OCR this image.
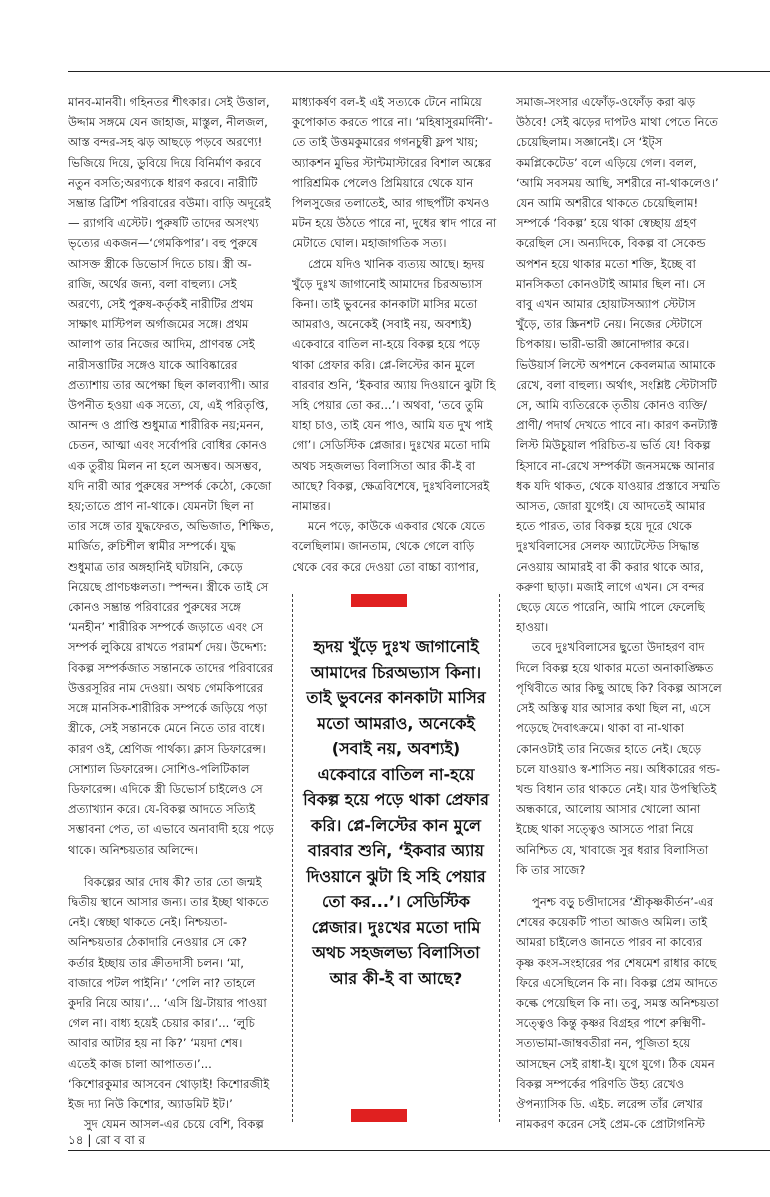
মানব-মানবী। গহিনতর শীৎকার। সেই উত্তাল, উদ্দাম সঙ্গমে যেন জাহাজ, মাস্তুল, নীলজল, আস্ত বন্দর-সহ ঝড় আছড়ে পড়বে অরণ্যে! ভিজিয়ে দিয়ে, ডুবিয়ে দিয়ে বিনির্মাণ করবে নতুন বসতি;অরণ্যকে ধারণ করবে। নারীটি সম্ভ্রান্ত ব্রিটিশ পরিবারের বউমা। বাড়ি অদূরেই— র‍্যাগবি এস্টেট। পুরুষটি তাদের অসংখ্য ভৃত্যের একজন—‘গেমকিপার’। বহু পুরুষে আসক্ত স্ত্রীকে ডিভোর্স দিতে চায়। স্ত্রী অ-রাজি, অর্থের জন্য, বলা বাহুল্য। সেই অরণ্যে, সেই পুরুষ-কর্তৃকই নারীটির প্রথম সাক্ষাৎ মাস্টিপল অর্গাজমের সঙ্গে। প্রথম আলাপ তার নিজের আদিম, প্রাণবন্ত সেই নারীসত্তাটির সঙ্গেও যাকে আবিষ্কারের প্রত্যাশায় তার অপেক্ষা ছিল কালব্যাপী। আর উপনীত হওয়া এক সত্যে, যে, এই পরিতৃপ্তি, আনন্দ ও প্রাপ্তি শুধুমাত্র শারীরিক নয়;মনন, চেতন, আত্মা এবং সর্বোপরি বোধির কোনও এক তুরীয় মিলন না হলে অসম্ভব। অসম্ভব, যদি নারী আর পুরুষের সম্পর্ক কেঠো, কেজো হয়;তাতে প্রাণ না-থাকে। যেমনটা ছিল না তার সঙ্গে তার যুদ্ধফেরত, অভিজাত, শিক্ষিত, মার্জিত, রুচিশীল স্বামীর সম্পর্কে। যুদ্ধ শুধুমাত্র তার অঙ্গহানিই ঘটায়নি, কেড়ে নিয়েছে প্রাণচঞ্চলতা। স্পন্দন। স্ত্রীকে তাই সে কোনও সম্ভ্রান্ত পরিবারের পুরুষের সঙ্গে ‘মনহীন’ শারীরিক সম্পর্কে জড়াতে এবং সে সম্পর্ক লুকিয়ে রাখতে পরামর্শ দেয়। উদ্দেশ্য: বিকল্প সম্পর্কজাত সন্তানকে তাদের পরিবারের উত্তরসূরির নাম দেওয়া। অথচ গেমকিপারের সঙ্গে মানসিক-শারীরিক সম্পর্কে জড়িয়ে পড়া স্ত্রীকে, সেই সন্তানকে মেনে নিতে তার বাধে। কারণ ওই, শ্রেণিজ পার্থক্য। ক্লাস ডিফারেন্স। সোশ্যাল ডিফারেন্স। সোশিও-পলিটিকাল ডিফারেন্স। এদিকে স্ত্রী ডিভোর্স চাইলেও সে প্রত্যাখ্যান করে। যে-বিকল্প আদতে সত্যিই সম্ভাবনা পেত, তা এভাবে অনাবাদী হয়ে পড়ে থাকে। অনিশ্চয়তার অলিন্দে।

বিকল্পের আর দোষ কী? তার তো জন্মই দ্বিতীয় স্থানে আসার জন্য। তার ইচ্ছা থাকতে নেই। স্বেচ্ছা থাকতে নেই। নিশ্চয়তা-অনিশ্চয়তার ঠেকাদারি নেওয়ার সে কে? কর্তার ইচ্ছায় তার ক্রীতদাসী চলন। ‘মা, বাজারে পটল পাইনি।’ ‘পেলি না? তাহলে কুদরি নিয়ে আয়।’... ‘এসি থ্রি-টায়ার পাওয়া গেল না। বাধ্য হয়েই চেয়ার কার।’... ‘লুচি আবার আটার হয় না কি?’ ‘ময়দা শেষ। এতেই কাজ চালা আপাতত।’... ‘কিশোরকুমার আসবেন থোড়াই! কিশোরজীই ইজ দ্যা নিউ কিশোর, অ্যাডমিট ইট।’

সুদ যেমন আসল-এর চেয়ে বেশি, বিকল্প

মাধ্যাকর্ষণ বল-ই এই সত্যকে টেনে নামিয়ে কুপোকাত করতে পারে না। ‘মহিষাসুরমর্দিনী’-তে তাই উত্তমকুমারের গগনচুম্বী ফ্লপ খায়; অ্যাকশন মুভির স্টান্টমাস্টারের বিশাল অঙ্কের পারিশ্রমিক পেলেও প্রিমিয়ারে থেকে যান পিলসুজের তলাতেই, আর গাছপাঁটা কখনও মটন হয়ে উঠতে পারে না, দুধের স্বাদ পারে না মেটাতে ঘোল। মহাজাগতিক সত্য।

প্রেমে যদিও খানিক ব্যত্যয় আছে। হৃদয় খুঁড়ে দুঃখ জাগানোই আমাদের চিরঅভ্যাস কিনা। তাই ভুবনের কানকাটা মাসির মতো আমরাও, অনেকেই (সবাই নয়, অবশ্যই) একেবারে বাতিল না-হয়ে বিকল্প হয়ে পড়ে থাকা প্রেফার করি। প্লে-লিস্টের কান মুলে বারবার শুনি, ‘ইকবার অ্যায় দিওয়ানে ঝুটা হি সহি পেয়ার তো কর...’। অথবা, ‘তবে তুমি যাহা চাও, তাই যেন পাও, আমি যত দুখ পাই গো’। সেডিস্টিক প্লেজার। দুঃখের মতো দামি অথচ সহজলভ্য বিলাসিতা আর কী-ই বা আছে? বিকল্প, ক্ষেত্রবিশেষে, দুঃখবিলাসেরই নামান্তর।

মনে পড়ে, কাউকে একবার থেকে যেতে বলেছিলাম। জানতাম, থেকে গেলে বাড়ি থেকে বের করে দেওয়া তো বাচ্চা ব্যাপার,

হৃদয় খুঁড়ে দুঃখ জাগানোই আমাদের চিরঅভ্যাস কিনা। তাই ভুবনের কানকাটা মাসির মতো আমরাও, অনেকেই (সবাই নয়, অবশ্যই) একেবারে বাতিল না-হয়ে বিকল্প হয়ে পড়ে থাকা প্রেফার করি। প্লে-লিস্টের কান মুলে বারবার শুনি, ‘ইকবার অ্যায় দিওয়ানে ঝুটা হি সহি পেয়ার তো কর...’। সেডিস্টিক প্লেজার। দুঃখের মতো দামি অথচ সহজলভ্য বিলাসিতা আর কী-ই বা আছে?

সমাজ-সংসার এফোঁড়-ওফোঁড় করা ঝড় উঠবে! সেই ঝড়ের দাপটও মাথা পেতে নিতে চেয়েছিলাম। সজ্ঞানেই। সে ‘ইট্স কমপ্লিকেটেড’ বলে এড়িয়ে গেল। বলল, ‘আমি সবসময় আছি, সশরীরে না-থাকলেও।’ যেন আমি অশরীরে থাকতে চেয়েছিলাম! সম্পর্কে ‘বিকল্প’ হয়ে থাকা স্বেচ্ছায় গ্রহণ করেছিল সে। অন্যদিকে, বিকল্প বা সেকেন্ড অপশন হয়ে থাকার মতো শক্তি, ইচ্ছে বা মানসিকতা কোনওটাই আমার ছিল না। সে বাবু এখন আমার হোয়াটসঅ্যাপ স্টেটাস খুঁড়ে, তার স্ক্রিনশট নেয়। নিজের স্টেটাসে চিপকায়। ভারী-ভারী জ্ঞানোদ্গার করে। ভিউয়ার্স লিস্টে অপশনে কেবলমাত্র আমাকে রেখে, বলা বাহুল্য। অর্থাৎ, সংশ্লিষ্ট স্টেটাসটি সে, আমি ব্যতিরেকে তৃতীয় কোনও ব্যক্তি/ প্রাণী/ পদার্থ দেখতে পাবে না। কারণ কনট্যাক্ট লিস্ট মিউচুয়াল পরিচিত-য় ভর্তি যে! বিকল্প হিসাবে না-রেখে সম্পর্কটা জনসমক্ষে আনার ধক যদি থাকত, থেকে যাওয়ার প্রস্তাবে সম্মতি আসত, জোরা যুগেই। যে আদতেই আমার হতে পারত, তার বিকল্প হয়ে দূরে থেকে দুঃখবিলাসের সেলফ অ্যাটেস্টেড সিদ্ধান্ত নেওয়ায় আমারই বা কী করার থাকে আর, করুণা ছাড়া। মজাই লাগে এখন। সে বন্দর ছেড়ে যেতে পারেনি, আমি পালে ফেলেছি হাওয়া।

তবে দুঃখবিলাসের ছুতো উদাহরণ বাদ দিলে বিকল্প হয়ে থাকার মতো অনাকাঙ্ক্ষিত পৃথিবীতে আর কিছু আছে কি? বিকল্প আসলে সেই অস্তিত্ব যার আসার কথা ছিল না, এসে পড়েছে দৈবাৎক্রমে। থাকা বা না-থাকা কোনওটাই তার নিজের হাতে নেই। ছেড়ে চলে যাওয়াও স্ব-শাসিত নয়। অধিকারের গন্ড-খন্ড বিধান তার থাকতে নেই। যার উপস্থিতিই অন্ধকারে, আলোয় আসার খোলো আনা ইচ্ছে থাকা সত্ত্বেও আসতে পারা নিয়ে অনিশ্চিত যে, খাবাজে সুর ধরার বিলাসিতা কি তার সাজে?

পুনশ্চ বড়ু চণ্ডীদাসের ‘শ্রীকৃষ্ণকীর্তন’-এর শেষের কয়েকটি পাতা আজও অমিল। তাই আমরা চাইলেও জানতে পারব না কাব্যের কৃষ্ণ কংস-সংহারের পর শেষমেশ রাধার কাছে ফিরে এসেছিলেন কি না। বিকল্প প্রেম আদতে কল্কে পেয়েছিল কি না। তবু, সমস্ত অনিশ্চয়তা সত্ত্বেও কিন্তু কৃষ্ণর বিগ্রহর পাশে রুক্মিণী-সত্যভামা-জাম্ববতীরা নন, পূজিতা হয়ে আসছেন সেই রাধা-ই। যুগে যুগে। ঠিক যেমন বিকল্প সম্পর্কের পরিণতি উহ্য রেখেও ঔপন্যাসিক ডি. এইচ. লরেন্স তাঁর লেখার নামকরণ করেন সেই প্রেম-কে প্রোটাগনিস্ট

১৪ | রো ব বা র
